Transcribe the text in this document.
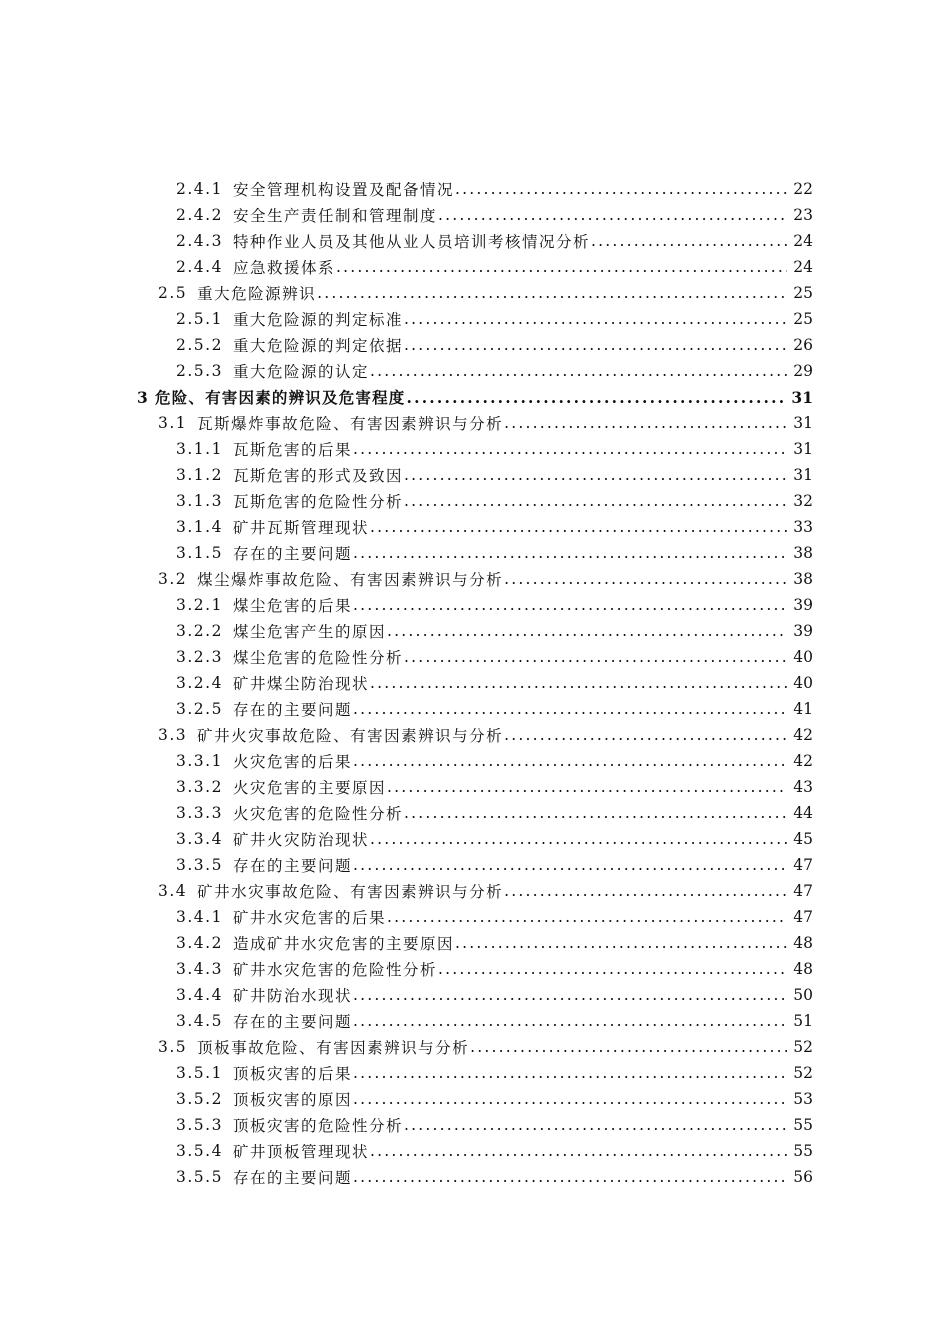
2.4.1 安全管理机构设置及配备情况 .....	22
2.4.2 安全生产责任制和管理制度 .....	23
2.4.3 特种作业人员及其他从业人员培训考核情况分析 .....	24
2.4.4 应急救援体系 .....	24
2.5 重大危险源辨识 .....	25
2.5.1 重大危险源的判定标准 .....	25
2.5.2 重大危险源的判定依据 .....	26
2.5.3 重大危险源的认定 .....	29
3 危险、有害因素的辨识及危害程度 .....	31
3.1 瓦斯爆炸事故危险、有害因素辨识与分析 .....	31
3.1.1 瓦斯危害的后果 .....	31
3.1.2 瓦斯危害的形式及致因 .....	31
3.1.3 瓦斯危害的危险性分析 .....	32
3.1.4 矿井瓦斯管理现状 .....	33
3.1.5 存在的主要问题 .....	38
3.2 煤尘爆炸事故危险、有害因素辨识与分析 .....	38
3.2.1 煤尘危害的后果 .....	39
3.2.2 煤尘危害产生的原因 .....	39
3.2.3 煤尘危害的危险性分析 .....	40
3.2.4 矿井煤尘防治现状 .....	40
3.2.5 存在的主要问题 .....	41
3.3 矿井火灾事故危险、有害因素辨识与分析 .....	42
3.3.1 火灾危害的后果 .....	42
3.3.2 火灾危害的主要原因 .....	43
3.3.3 火灾危害的危险性分析 .....	44
3.3.4 矿井火灾防治现状 .....	45
3.3.5 存在的主要问题 .....	47
3.4 矿井水灾事故危险、有害因素辨识与分析 .....	47
3.4.1 矿井水灾危害的后果 .....	47
3.4.2 造成矿井水灾危害的主要原因 .....	48
3.4.3 矿井水灾危害的危险性分析 .....	48
3.4.4 矿井防治水现状 .....	50
3.4.5 存在的主要问题 .....	51
3.5 顶板事故危险、有害因素辨识与分析 .....	52
3.5.1 顶板灾害的后果 .....	52
3.5.2 顶板灾害的原因 .....	53
3.5.3 顶板灾害的危险性分析 .....	55
3.5.4 矿井顶板管理现状 .....	55
3.5.5 存在的主要问题 .....	56
